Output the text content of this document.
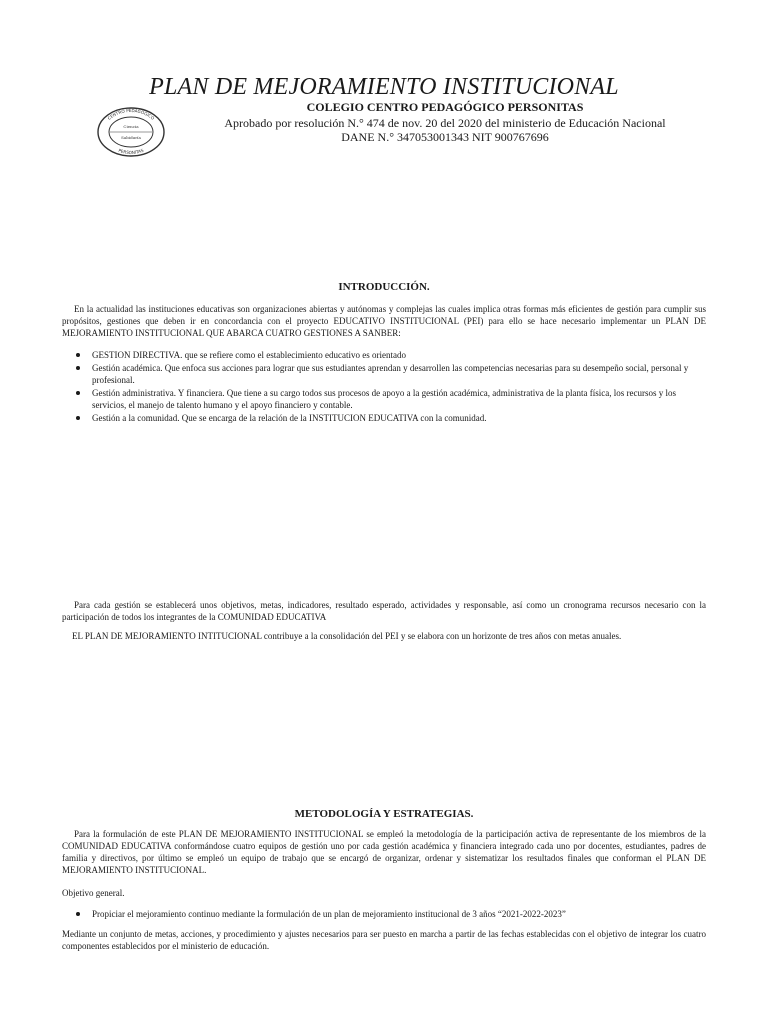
PLAN DE MEJORAMIENTO INSTITUCIONAL
CENTRO PEDAGOGICO
PERSONITAS
Ciencia
Sabiduría

COLEGIO CENTRO PEDAGÓGICO PERSONITAS

Aprobado por resolución N.° 474 de nov. 20 del 2020 del ministerio de Educación Nacional

DANE N.° 347053001343 NIT 900767696

INTRODUCCIÓN.

En la actualidad las instituciones educativas son organizaciones abiertas y autónomas y complejas las cuales implica otras formas más eficientes de gestión para cumplir sus propósitos, gestiones que deben ir en concordancia con el proyecto EDUCATIVO INSTITUCIONAL (PEI) para ello se hace necesario implementar un PLAN DE MEJORAMIENTO INSTITUCIONAL QUE ABARCA CUATRO GESTIONES A SANBER:

GESTION DIRECTIVA. que se refiere como el establecimiento educativo es orientado
Gestión académica. Que enfoca sus acciones para lograr que sus estudiantes aprendan y desarrollen las competencias necesarias para su desempeño social, personal y profesional.
Gestión administrativa. Y financiera. Que tiene a su cargo todos sus procesos de apoyo a la gestión académica, administrativa de la planta física, los recursos y los servicios, el manejo de talento humano y el apoyo financiero y contable.
Gestión a la comunidad. Que se encarga de la relación de la INSTITUCION EDUCATIVA con la comunidad.

Para cada gestión se establecerá unos objetivos, metas, indicadores, resultado esperado, actividades y responsable, así como un cronograma recursos necesario con la participación de todos los integrantes de la COMUNIDAD EDUCATIVA

EL PLAN DE MEJORAMIENTO INTITUCIONAL contribuye a la consolidación del PEI y se elabora con un horizonte de tres años con metas anuales.

METODOLOGÍA Y ESTRATEGIAS.

Para la formulación de este PLAN DE MEJORAMIENTO INSTITUCIONAL se empleó la metodología de la participación activa de representante de los miembros de la COMUNIDAD EDUCATIVA conformándose cuatro equipos de gestión uno por cada gestión académica y financiera integrado cada uno por docentes, estudiantes, padres de familia y directivos, por último se empleó un equipo de trabajo que se encargó de organizar, ordenar y sistematizar los resultados finales que conforman el PLAN DE MEJORAMIENTO INSTITUCIONAL.

Objetivo general.

Propiciar el mejoramiento continuo mediante la formulación de un plan de mejoramiento institucional de 3 años “2021-2022-2023”

Mediante un conjunto de metas, acciones, y procedimiento y ajustes necesarios para ser puesto en marcha a partir de las fechas establecidas con el objetivo de integrar los cuatro componentes establecidos por el ministerio de educación.
